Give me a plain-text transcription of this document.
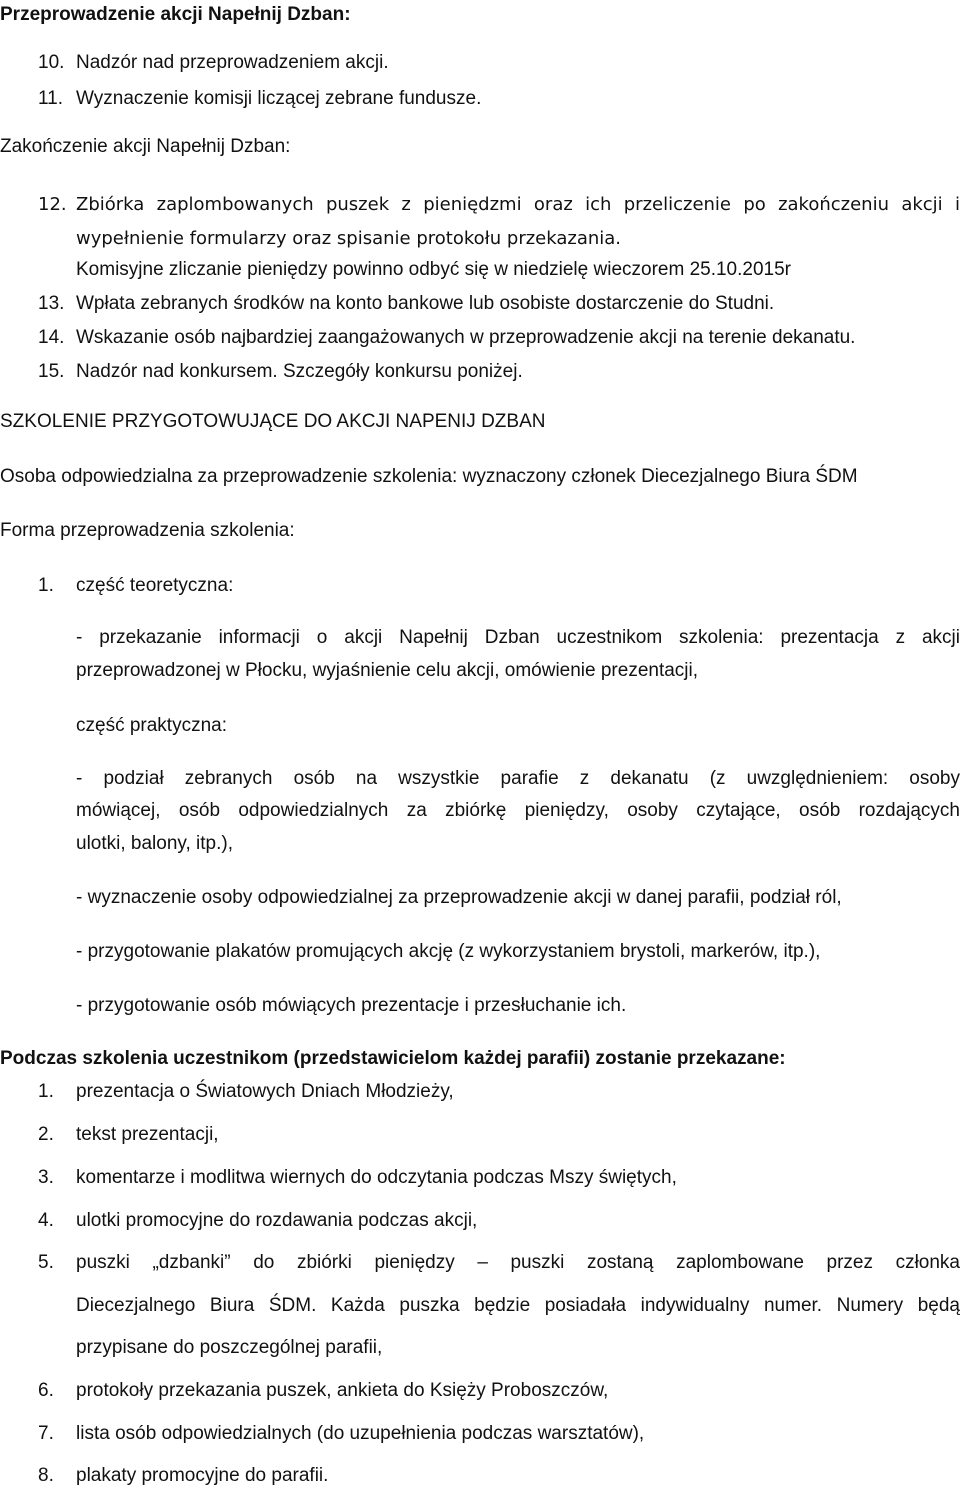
Przeprowadzenie akcji Napełnij Dzban:
10. Nadzór nad przeprowadzeniem akcji.
11. Wyznaczenie komisji liczącej zebrane fundusze.
Zakończenie akcji Napełnij Dzban:
12. Zbiórka zaplombowanych puszek z pieniędzmi oraz ich przeliczenie po zakończeniu akcji i
wypełnienie formularzy oraz spisanie protokołu przekazania.
Komisyjne zliczanie pieniędzy powinno odbyć się w niedzielę wieczorem 25.10.2015r
13. Wpłata zebranych środków na konto bankowe lub osobiste dostarczenie do Studni.
14. Wskazanie osób najbardziej zaangażowanych w przeprowadzenie akcji na terenie dekanatu.
15. Nadzór nad konkursem. Szczegóły konkursu poniżej.
SZKOLENIE PRZYGOTOWUJĄCE DO AKCJI NAPENIJ DZBAN
Osoba odpowiedzialna za przeprowadzenie szkolenia: wyznaczony członek Diecezjalnego Biura ŚDM
Forma przeprowadzenia szkolenia:
1. część teoretyczna:
- przekazanie informacji o akcji Napełnij Dzban uczestnikom szkolenia: prezentacja z akcji
przeprowadzonej w Płocku, wyjaśnienie celu akcji, omówienie prezentacji,
część praktyczna:
- podział zebranych osób na wszystkie parafie z dekanatu (z uwzględnieniem: osoby
mówiącej, osób odpowiedzialnych za zbiórkę pieniędzy, osoby czytające, osób rozdających
ulotki, balony, itp.),
- wyznaczenie osoby odpowiedzialnej za przeprowadzenie akcji w danej parafii, podział ról,
- przygotowanie plakatów promujących akcję (z wykorzystaniem brystoli, markerów, itp.),
- przygotowanie osób mówiących prezentacje i przesłuchanie ich.
Podczas szkolenia uczestnikom (przedstawicielom każdej parafii) zostanie przekazane:
1. prezentacja o Światowych Dniach Młodzieży,
2. tekst prezentacji,
3. komentarze i modlitwa wiernych do odczytania podczas Mszy świętych,
4. ulotki promocyjne do rozdawania podczas akcji,
5. puszki „dzbanki” do zbiórki pieniędzy – puszki zostaną zaplombowane przez członka
Diecezjalnego Biura ŚDM. Każda puszka będzie posiadała indywidualny numer. Numery będą
przypisane do poszczególnej parafii,
6. protokoły przekazania puszek, ankieta do Księży Proboszczów,
7. lista osób odpowiedzialnych (do uzupełnienia podczas warsztatów),
8. plakaty promocyjne do parafii.
